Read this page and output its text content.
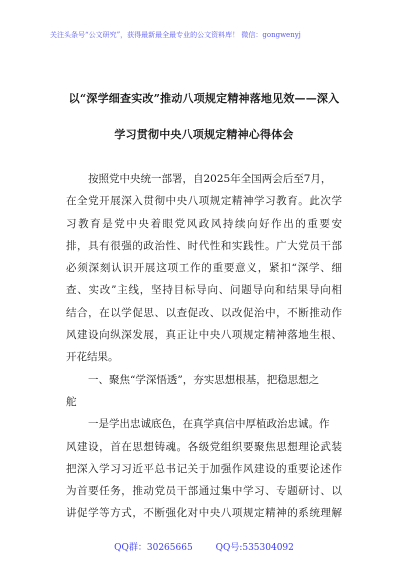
关注头条号“公文研究”，获得最新最全最专业的公文资料库！ 微信：gongwenyj
以“深学细查实改”推动八项规定精神落地见效——深入
学习贯彻中央八项规定精神心得体会
按照党中央统一部署，自2025年全国两会后至7月，
在全党开展深入贯彻中央八项规定精神学习教育。此次学
习教育是党中央着眼党风政风持续向好作出的重要安
排，具有很强的政治性、时代性和实践性。广大党员干部
必须深刻认识开展这项工作的重要意义，紧扣“深学、细
查、实改”主线，坚持目标导向、问题导向和结果导向相
结合，在以学促思、以查促改、以改促治中，不断推动作
风建设向纵深发展，真正让中央八项规定精神落地生根、
开花结果。
一、聚焦“学深悟透”，夯实思想根基，把稳思想之
舵
一是学出忠诚底色，在真学真信中厚植政治忠诚。作
风建设，首在思想铸魂。各级党组织要聚焦思想理论武装
把深入学习习近平总书记关于加强作风建设的重要论述作
为首要任务，推动党员干部通过集中学习、专题研讨、以
讲促学等方式，不断强化对中央八项规定精神的系统理解
QQ群：30265665	QQ号:535304092
